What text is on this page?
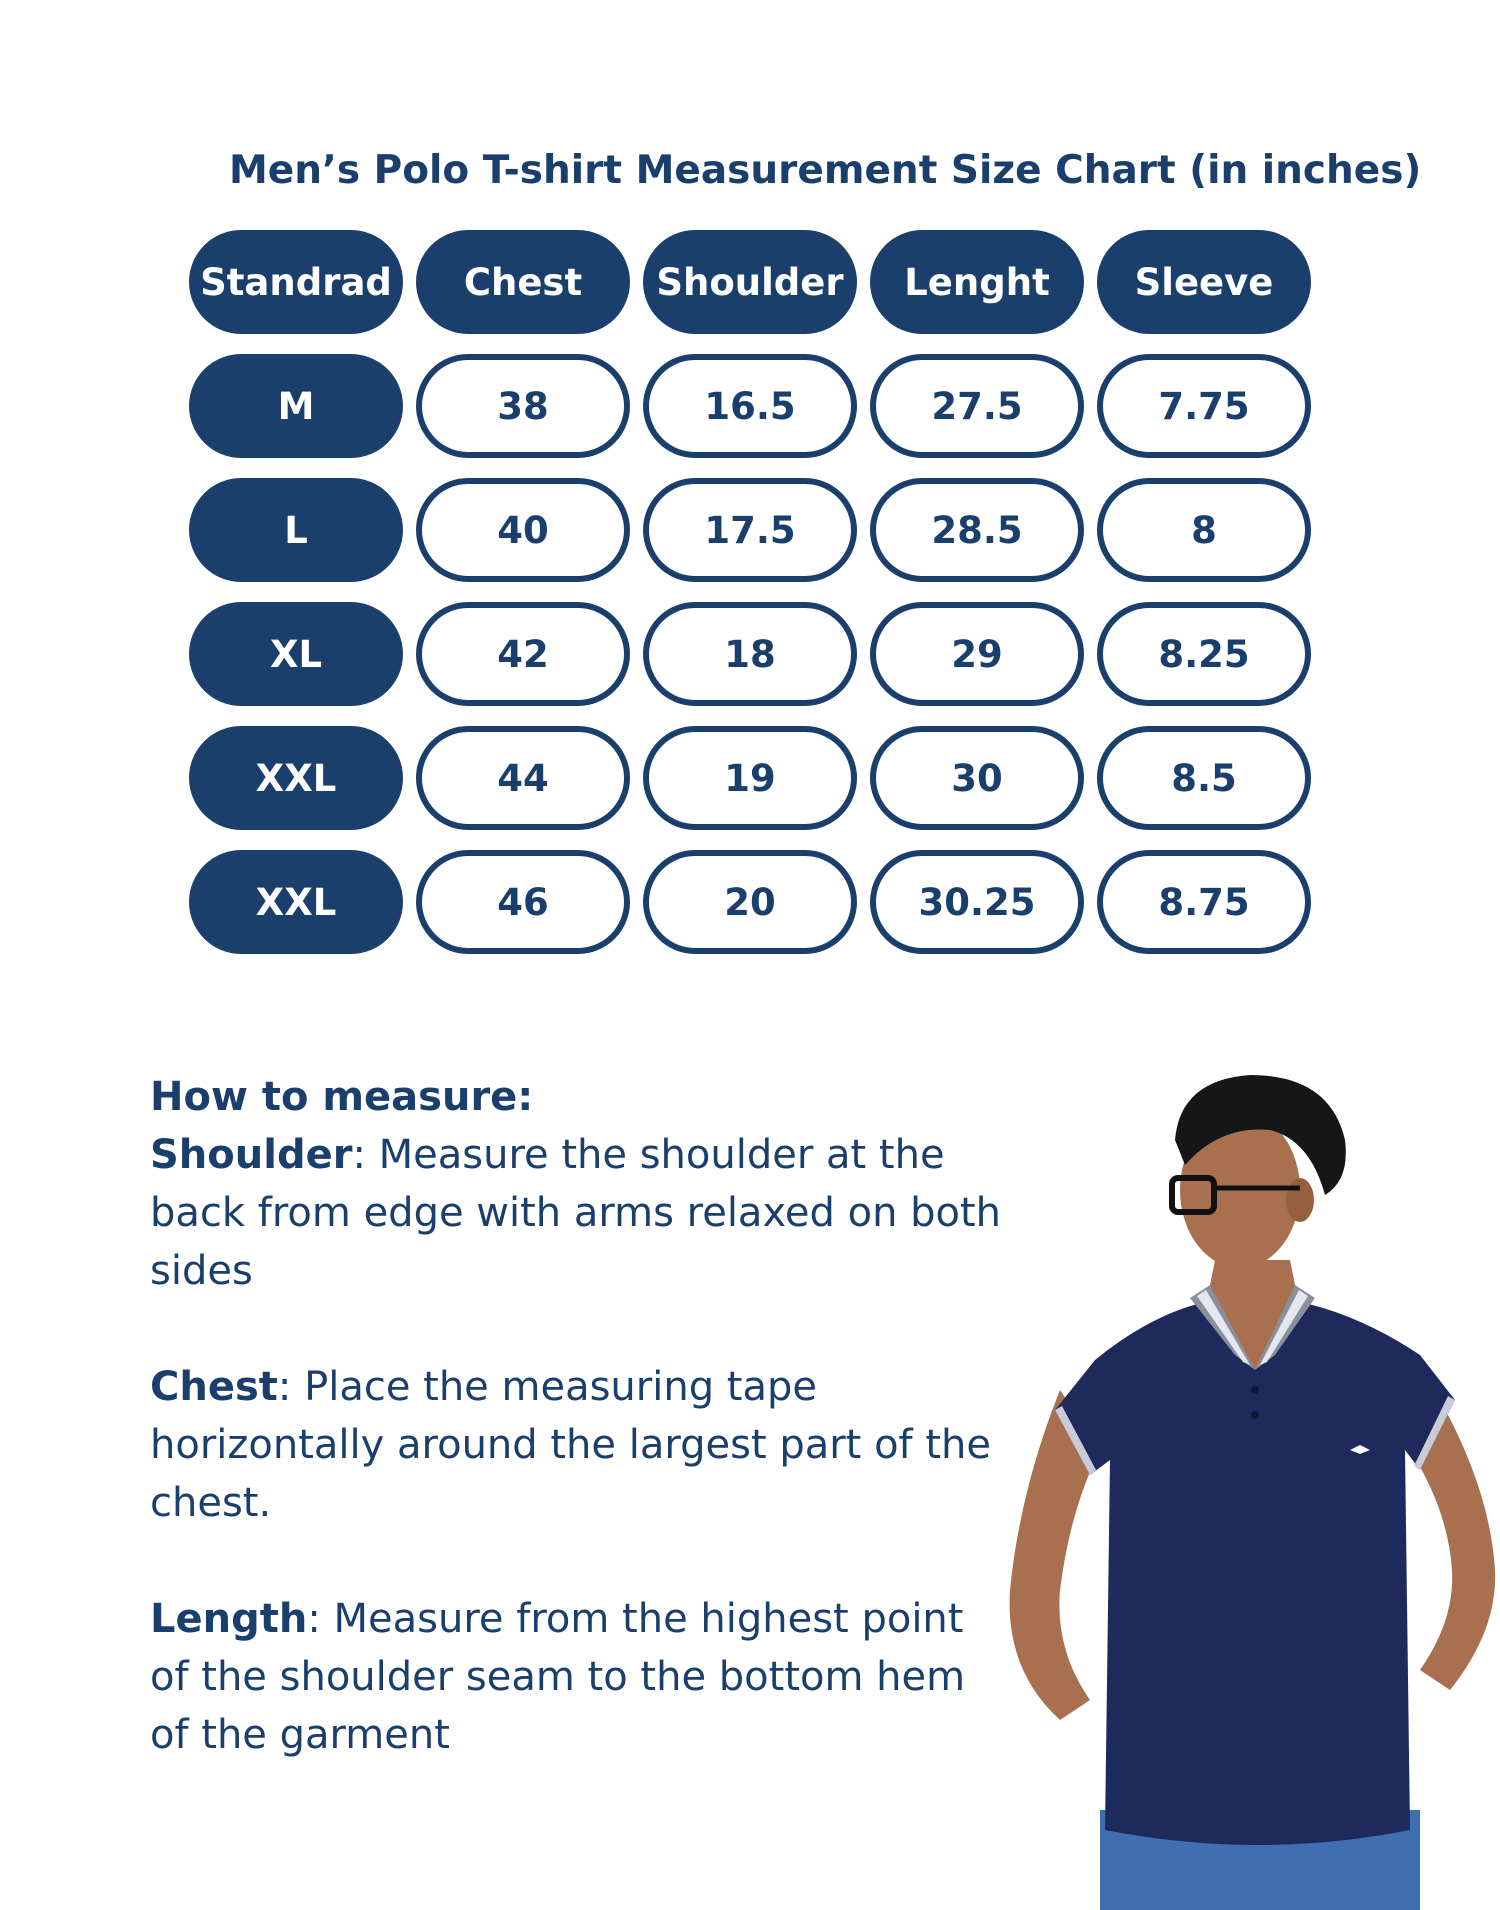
Men’s Polo T-shirt Measurement Size Chart (in inches)
Standrad	Chest	Shoulder	Lenght	Sleeve
M	38	16.5	27.5	7.75
L	40	17.5	28.5	8
XL	42	18	29	8.25
XXL	44	19	30	8.5
XXL	46	20	30.25	8.75
How to measure:

Shoulder: Measure the shoulder at the back from edge with arms relaxed on both sides

Chest: Place the measuring tape horizontally around the largest part of the chest.

Length: Measure from the highest point of the shoulder seam to the bottom hem of the garment
